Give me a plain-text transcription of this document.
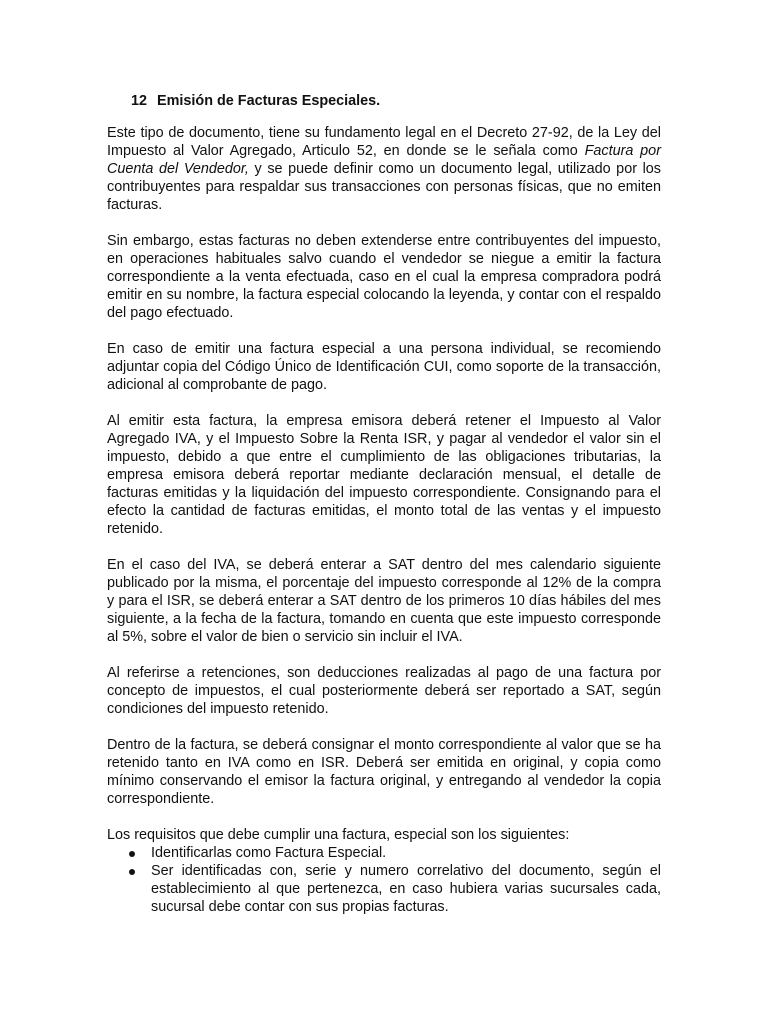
12 Emisión de Facturas Especiales.

Este tipo de documento, tiene su fundamento legal en el Decreto 27-92, de la Ley del Impuesto al Valor Agregado, Articulo 52, en donde se le señala como Factura por Cuenta del Vendedor, y se puede definir como un documento legal, utilizado por los contribuyentes para respaldar sus transacciones con personas físicas, que no emiten facturas.

Sin embargo, estas facturas no deben extenderse entre contribuyentes del impuesto, en operaciones habituales salvo cuando el vendedor se niegue a emitir la factura correspondiente a la venta efectuada, caso en el cual la empresa compradora podrá emitir en su nombre, la factura especial colocando la leyenda, y contar con el respaldo del pago efectuado.

En caso de emitir una factura especial a una persona individual, se recomiendo adjuntar copia del Código Único de Identificación CUI, como soporte de la transacción, adicional al comprobante de pago.

Al emitir esta factura, la empresa emisora deberá retener el Impuesto al Valor Agregado IVA, y el Impuesto Sobre la Renta ISR, y pagar al vendedor el valor sin el impuesto, debido a que entre el cumplimiento de las obligaciones tributarias, la empresa emisora deberá reportar mediante declaración mensual, el detalle de facturas emitidas y la liquidación del impuesto correspondiente. Consignando para el efecto la cantidad de facturas emitidas, el monto total de las ventas y el impuesto retenido.

En el caso del IVA, se deberá enterar a SAT dentro del mes calendario siguiente publicado por la misma, el porcentaje del impuesto corresponde al 12% de la compra y para el ISR, se deberá enterar a SAT dentro de los primeros 10 días hábiles del mes siguiente, a la fecha de la factura, tomando en cuenta que este impuesto corresponde al 5%, sobre el valor de bien o servicio sin incluir el IVA.

Al referirse a retenciones, son deducciones realizadas al pago de una factura por concepto de impuestos, el cual posteriormente deberá ser reportado a SAT, según condiciones del impuesto retenido.

Dentro de la factura, se deberá consignar el monto correspondiente al valor que se ha retenido tanto en IVA como en ISR. Deberá ser emitida en original, y copia como mínimo conservando el emisor la factura original, y entregando al vendedor la copia correspondiente.

Los requisitos que debe cumplir una factura, especial son los siguientes:

Identificarlas como Factura Especial.
Ser identificadas con, serie y numero correlativo del documento, según el establecimiento al que pertenezca, en caso hubiera varias sucursales cada, sucursal debe contar con sus propias facturas.
